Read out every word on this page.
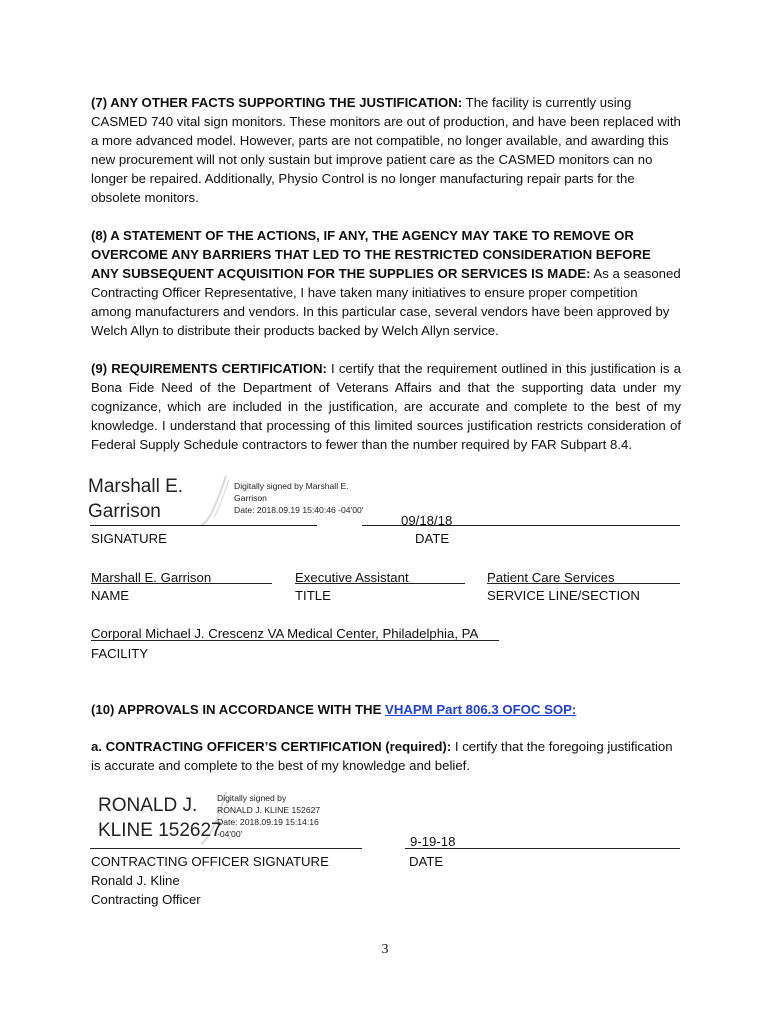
(7) ANY OTHER FACTS SUPPORTING THE JUSTIFICATION: The facility is currently using CASMED 740 vital sign monitors. These monitors are out of production, and have been replaced with a more advanced model. However, parts are not compatible, no longer available, and awarding this new procurement will not only sustain but improve patient care as the CASMED monitors can no longer be repaired. Additionally, Physio Control is no longer manufacturing repair parts for the obsolete monitors.

(8) A STATEMENT OF THE ACTIONS, IF ANY, THE AGENCY MAY TAKE TO REMOVE OR OVERCOME ANY BARRIERS THAT LED TO THE RESTRICTED CONSIDERATION BEFORE ANY SUBSEQUENT ACQUISITION FOR THE SUPPLIES OR SERVICES IS MADE: As a seasoned Contracting Officer Representative, I have taken many initiatives to ensure proper competition among manufacturers and vendors. In this particular case, several vendors have been approved by Welch Allyn to distribute their products backed by Welch Allyn service.

(9) REQUIREMENTS CERTIFICATION: I certify that the requirement outlined in this justification is a Bona Fide Need of the Department of Veterans Affairs and that the supporting data under my cognizance, which are included in the justification, are accurate and complete to the best of my knowledge. I understand that processing of this limited sources justification restricts consideration of Federal Supply Schedule contractors to fewer than the number required by FAR Subpart 8.4.

Marshall E.
Garrison
Digitally signed by Marshall E.
Garrison
Date: 2018.09.19 15:40:46 -04'00'
09/18/18
SIGNATURE	DATE
Marshall E. Garrison	Executive Assistant	Patient Care Services
NAME	TITLE	SERVICE LINE/SECTION
Corporal Michael J. Crescenz VA Medical Center, Philadelphia, PA
FACILITY
(10) APPROVALS IN ACCORDANCE WITH THE VHAPM Part 806.3 OFOC SOP:

a. CONTRACTING OFFICER’S CERTIFICATION (required): I certify that the foregoing justification is accurate and complete to the best of my knowledge and belief.

RONALD J.
KLINE 152627
Digitally signed by
RONALD J. KLINE 152627
Date: 2018.09.19 15:14:16
-04'00'	9-19-18
CONTRACTING OFFICER SIGNATURE	DATE
Ronald J. Kline
Contracting Officer
3
